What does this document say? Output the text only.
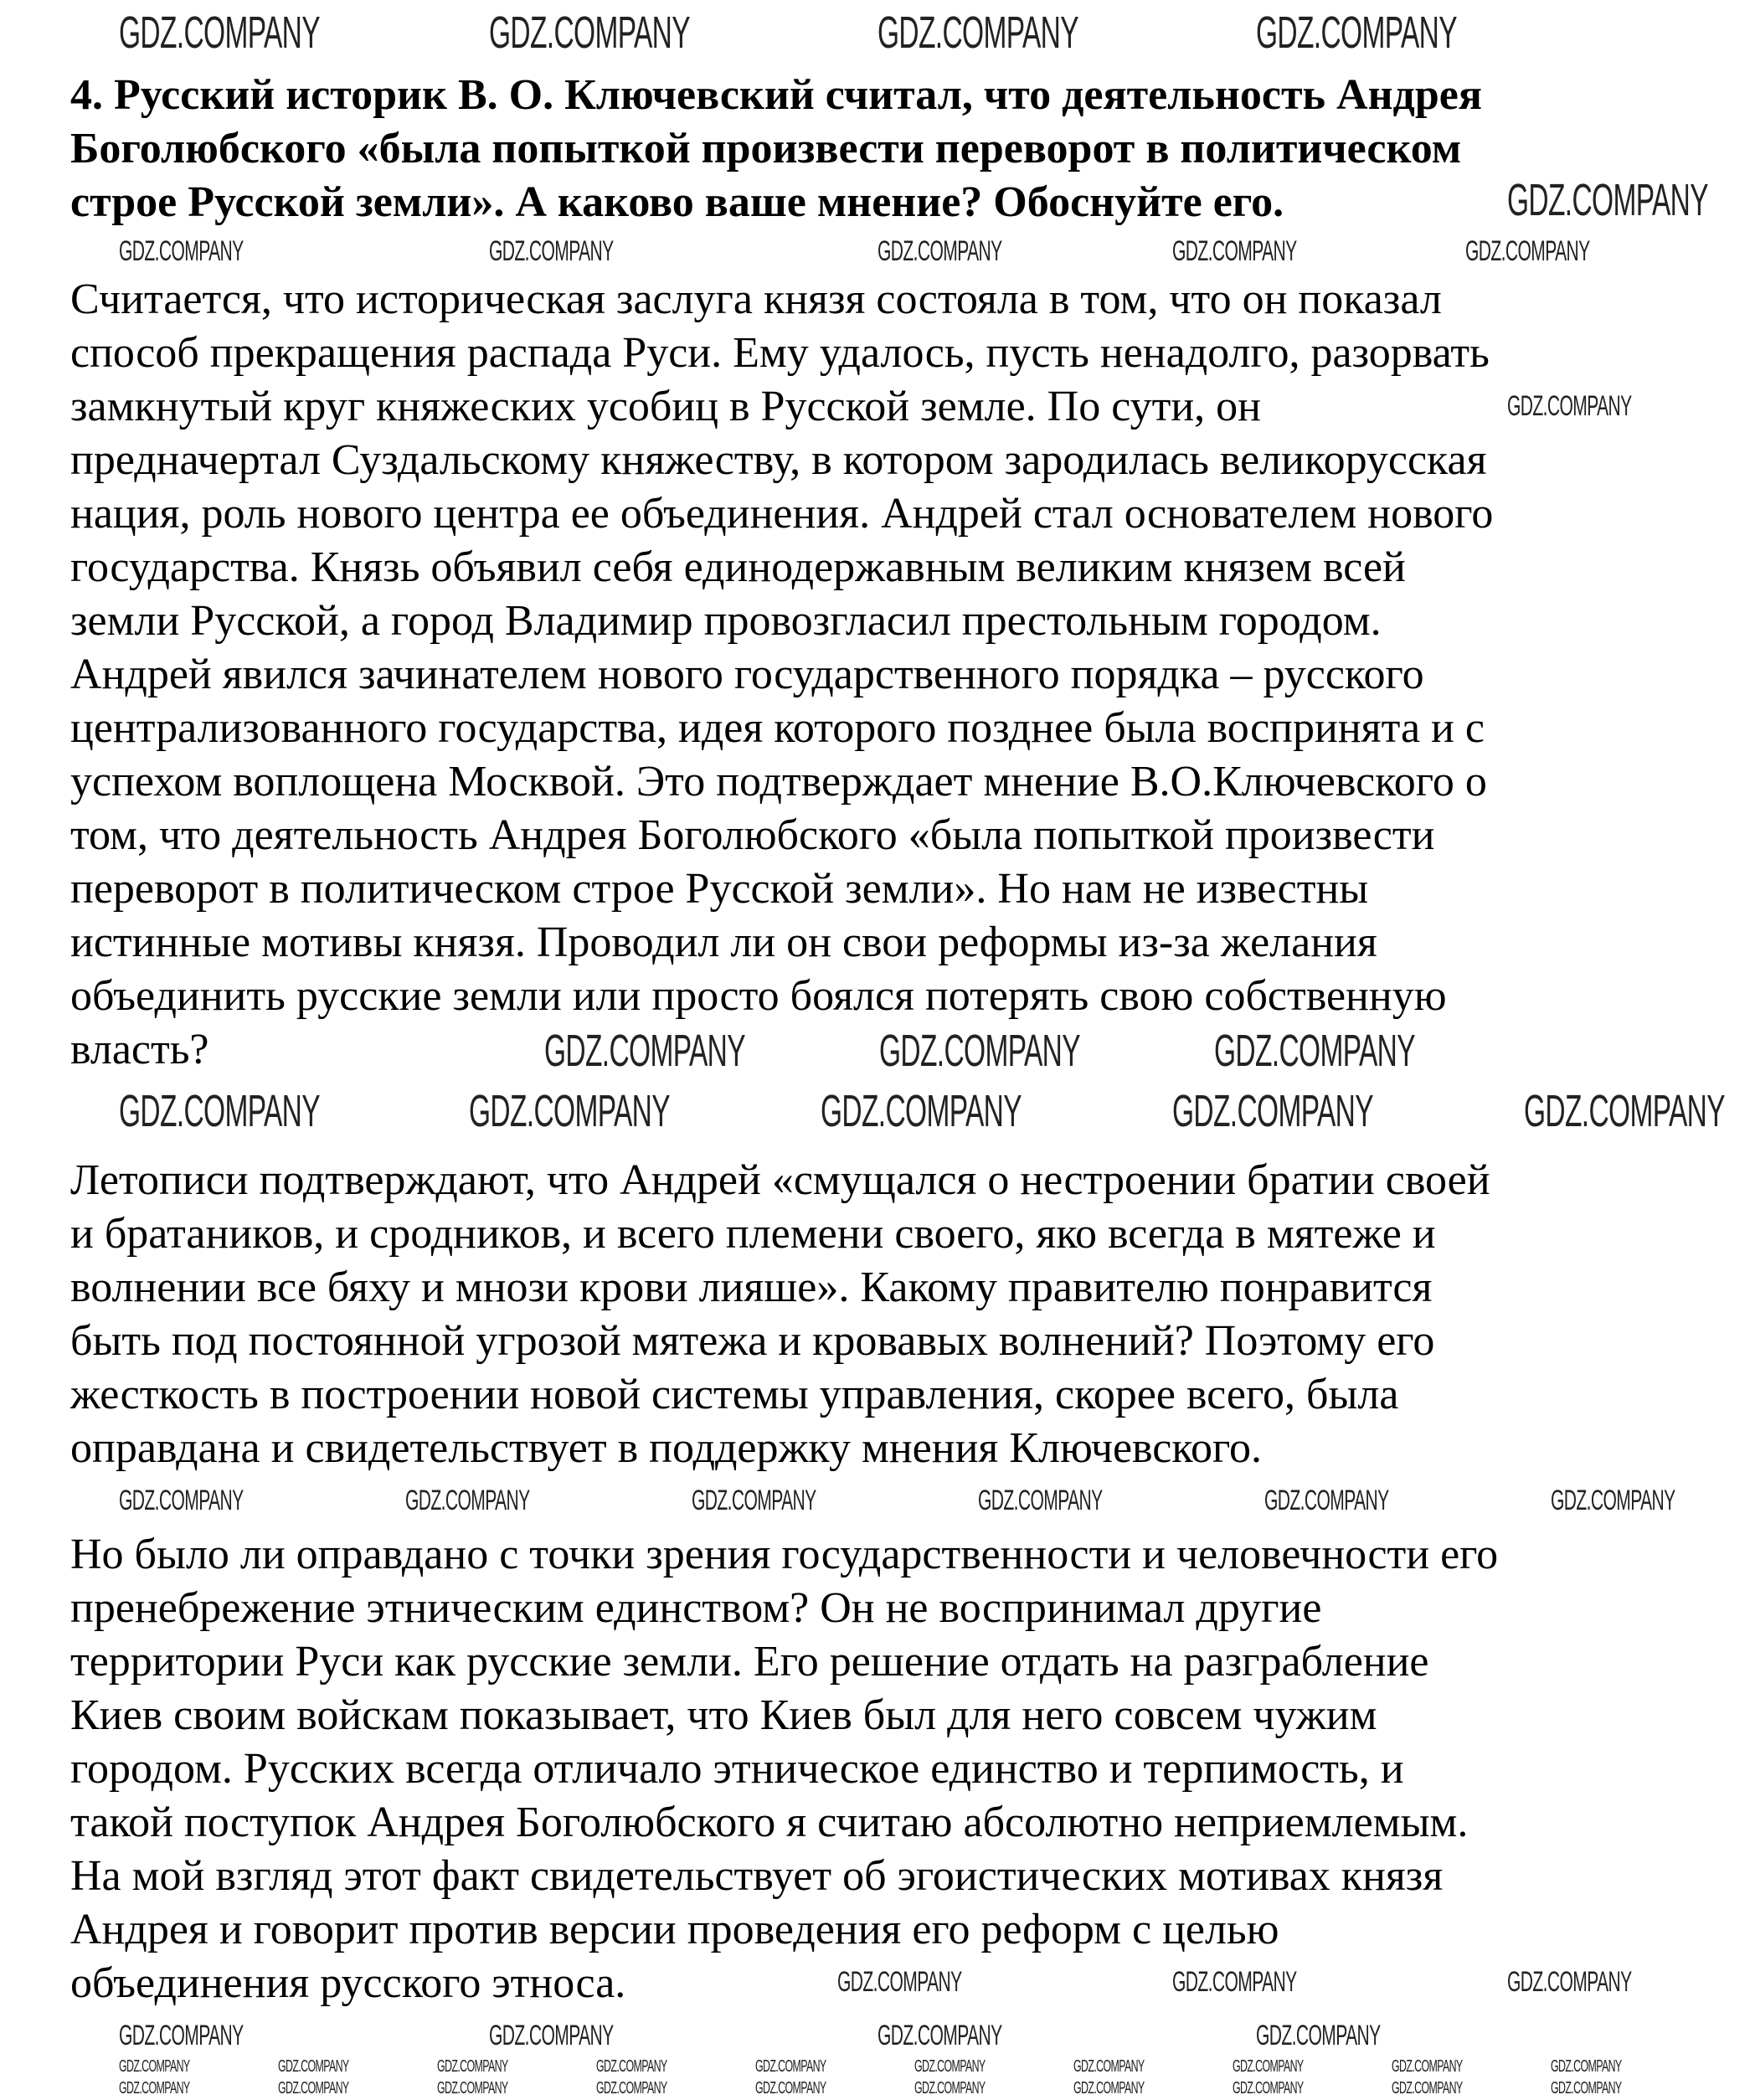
4. Русский историк В. О. Ключевский считал, что деятельность Андрея
Боголюбского «была попыткой произвести переворот в политическом
строе Русской земли». А каково ваше мнение? Обоснуйте его.
Считается, что историческая заслуга князя состояла в том, что он показал
способ прекращения распада Руси. Ему удалось, пусть ненадолго, разорвать
замкнутый круг княжеских усобиц в Русской земле. По сути, он
предначертал Суздальскому княжеству, в котором зародилась великорусская
нация, роль нового центра ее объединения. Андрей стал основателем нового
государства. Князь объявил себя единодержавным великим князем всей
земли Русской, а город Владимир провозгласил престольным городом.
Андрей явился зачинателем нового государственного порядка – русского
централизованного государства, идея которого позднее была воспринята и с
успехом воплощена Москвой. Это подтверждает мнение В.О.Ключевского о
том, что деятельность Андрея Боголюбского «была попыткой произвести
переворот в политическом строе Русской земли». Но нам не известны
истинные мотивы князя. Проводил ли он свои реформы из-за желания
объединить русские земли или просто боялся потерять свою собственную
власть?
Летописи подтверждают, что Андрей «смущался о нестроении братии своей
и братаников, и сродников, и всего племени своего, яко всегда в мятеже и
волнении все бяху и мнози крови лияше». Какому правителю понравится
быть под постоянной угрозой мятежа и кровавых волнений? Поэтому его
жесткость в построении новой системы управления, скорее всего, была
оправдана и свидетельствует в поддержку мнения Ключевского.
Но было ли оправдано с точки зрения государственности и человечности его
пренебрежение этническим единством? Он не воспринимал другие
территории Руси как русские земли. Его решение отдать на разграбление
Киев своим войскам показывает, что Киев был для него совсем чужим
городом. Русских всегда отличало этническое единство и терпимость, и
такой поступок Андрея Боголюбского я считаю абсолютно неприемлемым.
На мой взгляд этот факт свидетельствует об эгоистических мотивах князя
Андрея и говорит против версии проведения его реформ с целью
объединения русского этноса.
GDZ.COMPANY	GDZ.COMPANY	GDZ.COMPANY	GDZ.COMPANY
GDZ.COMPANY
GDZ.COMPANY	GDZ.COMPANY	GDZ.COMPANY
GDZ.COMPANY	GDZ.COMPANY	GDZ.COMPANY	GDZ.COMPANY	GDZ.COMPANY
GDZ.COMPANY	GDZ.COMPANY	GDZ.COMPANY	GDZ.COMPANY	GDZ.COMPANY
GDZ.COMPANY
GDZ.COMPANY	GDZ.COMPANY	GDZ.COMPANY	GDZ.COMPANY	GDZ.COMPANY	GDZ.COMPANY
GDZ.COMPANY	GDZ.COMPANY	GDZ.COMPANY
GDZ.COMPANY	GDZ.COMPANY	GDZ.COMPANY	GDZ.COMPANY
GDZ.COMPANY	GDZ.COMPANY	GDZ.COMPANY	GDZ.COMPANY	GDZ.COMPANY	GDZ.COMPANY	GDZ.COMPANY	GDZ.COMPANY	GDZ.COMPANY	GDZ.COMPANY
GDZ.COMPANY	GDZ.COMPANY	GDZ.COMPANY	GDZ.COMPANY	GDZ.COMPANY	GDZ.COMPANY	GDZ.COMPANY	GDZ.COMPANY	GDZ.COMPANY	GDZ.COMPANY
